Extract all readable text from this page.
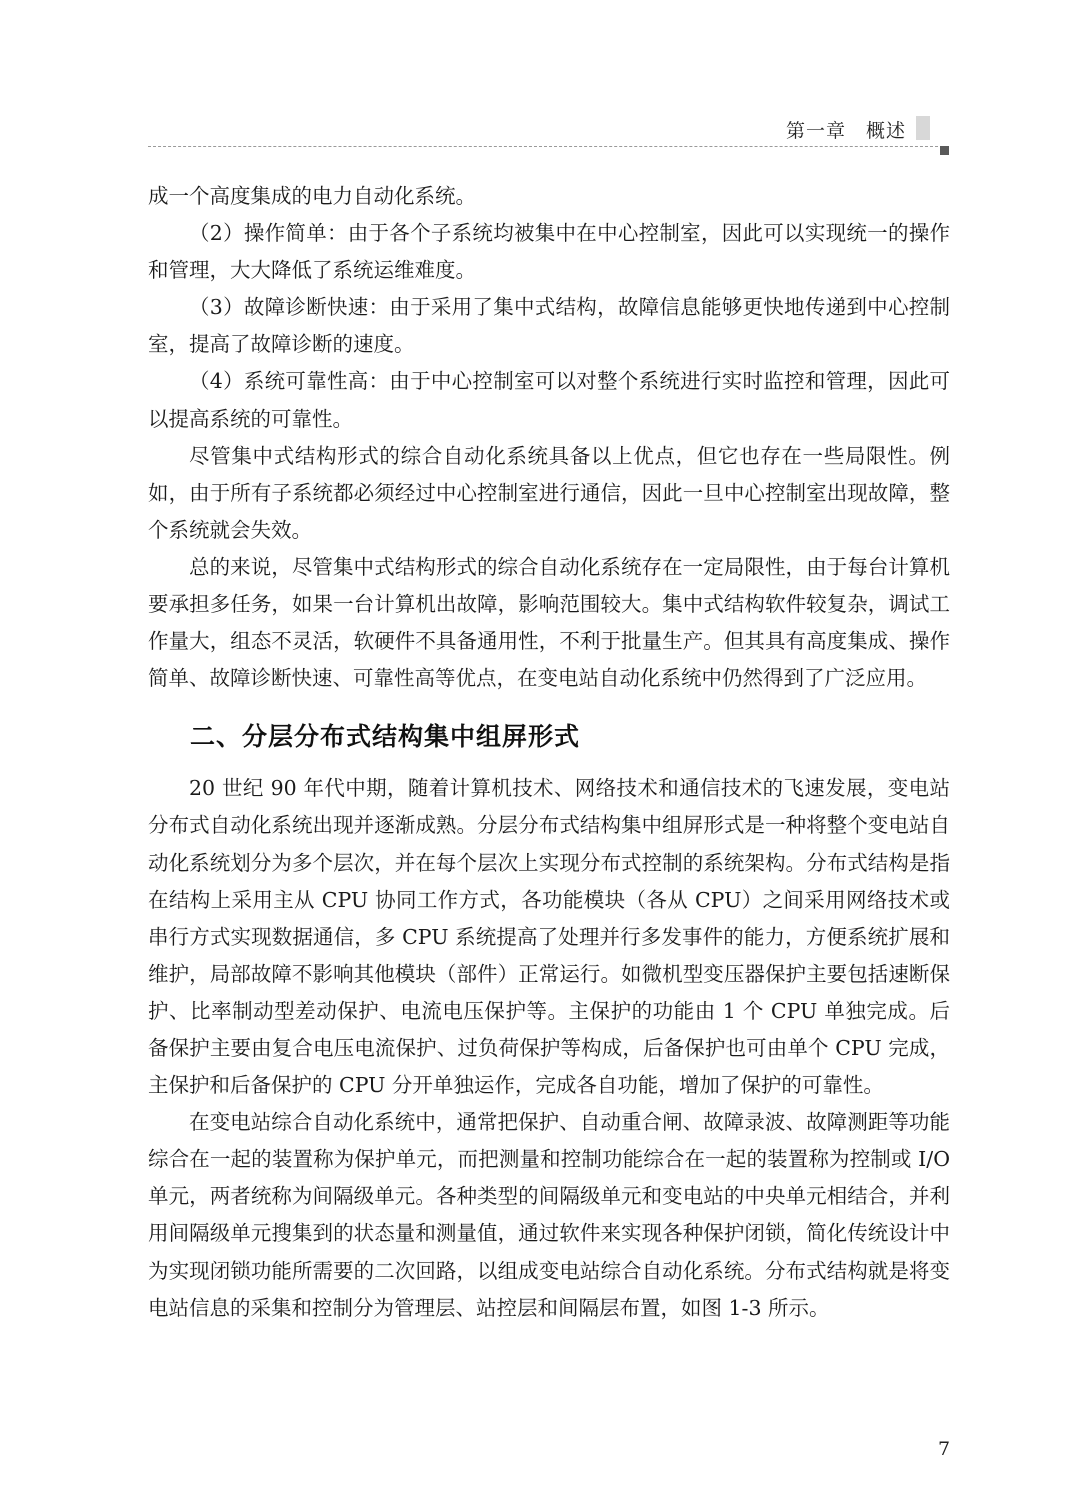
第一章　概述

成一个高度集成的电力自动化系统。

（2）操作简单：由于各个子系统均被集中在中心控制室，因此可以实现统一的操作和管理，大大降低了系统运维难度。

（3）故障诊断快速：由于采用了集中式结构，故障信息能够更快地传递到中心控制室，提高了故障诊断的速度。

（4）系统可靠性高：由于中心控制室可以对整个系统进行实时监控和管理，因此可以提高系统的可靠性。

尽管集中式结构形式的综合自动化系统具备以上优点，但它也存在一些局限性。例如，由于所有子系统都必须经过中心控制室进行通信，因此一旦中心控制室出现故障，整个系统就会失效。

总的来说，尽管集中式结构形式的综合自动化系统存在一定局限性，由于每台计算机要承担多任务，如果一台计算机出故障，影响范围较大。集中式结构软件较复杂，调试工作量大，组态不灵活，软硬件不具备通用性，不利于批量生产。但其具有高度集成、操作简单、故障诊断快速、可靠性高等优点，在变电站自动化系统中仍然得到了广泛应用。

二、分层分布式结构集中组屏形式

20 世纪 90 年代中期，随着计算机技术、网络技术和通信技术的飞速发展，变电站分布式自动化系统出现并逐渐成熟。分层分布式结构集中组屏形式是一种将整个变电站自动化系统划分为多个层次，并在每个层次上实现分布式控制的系统架构。分布式结构是指在结构上采用主从 CPU 协同工作方式，各功能模块（各从 CPU）之间采用网络技术或串行方式实现数据通信，多 CPU 系统提高了处理并行多发事件的能力，方便系统扩展和维护，局部故障不影响其他模块（部件）正常运行。如微机型变压器保护主要包括速断保护、比率制动型差动保护、电流电压保护等。主保护的功能由 1 个 CPU 单独完成。后备保护主要由复合电压电流保护、过负荷保护等构成，后备保护也可由单个 CPU 完成，主保护和后备保护的 CPU 分开单独运作，完成各自功能，增加了保护的可靠性。

在变电站综合自动化系统中，通常把保护、自动重合闸、故障录波、故障测距等功能综合在一起的装置称为保护单元，而把测量和控制功能综合在一起的装置称为控制或 I/O 单元，两者统称为间隔级单元。各种类型的间隔级单元和变电站的中央单元相结合，并利用间隔级单元搜集到的状态量和测量值，通过软件来实现各种保护闭锁，简化传统设计中为实现闭锁功能所需要的二次回路，以组成变电站综合自动化系统。分布式结构就是将变电站信息的采集和控制分为管理层、站控层和间隔层布置，如图 1-3 所示。

7
